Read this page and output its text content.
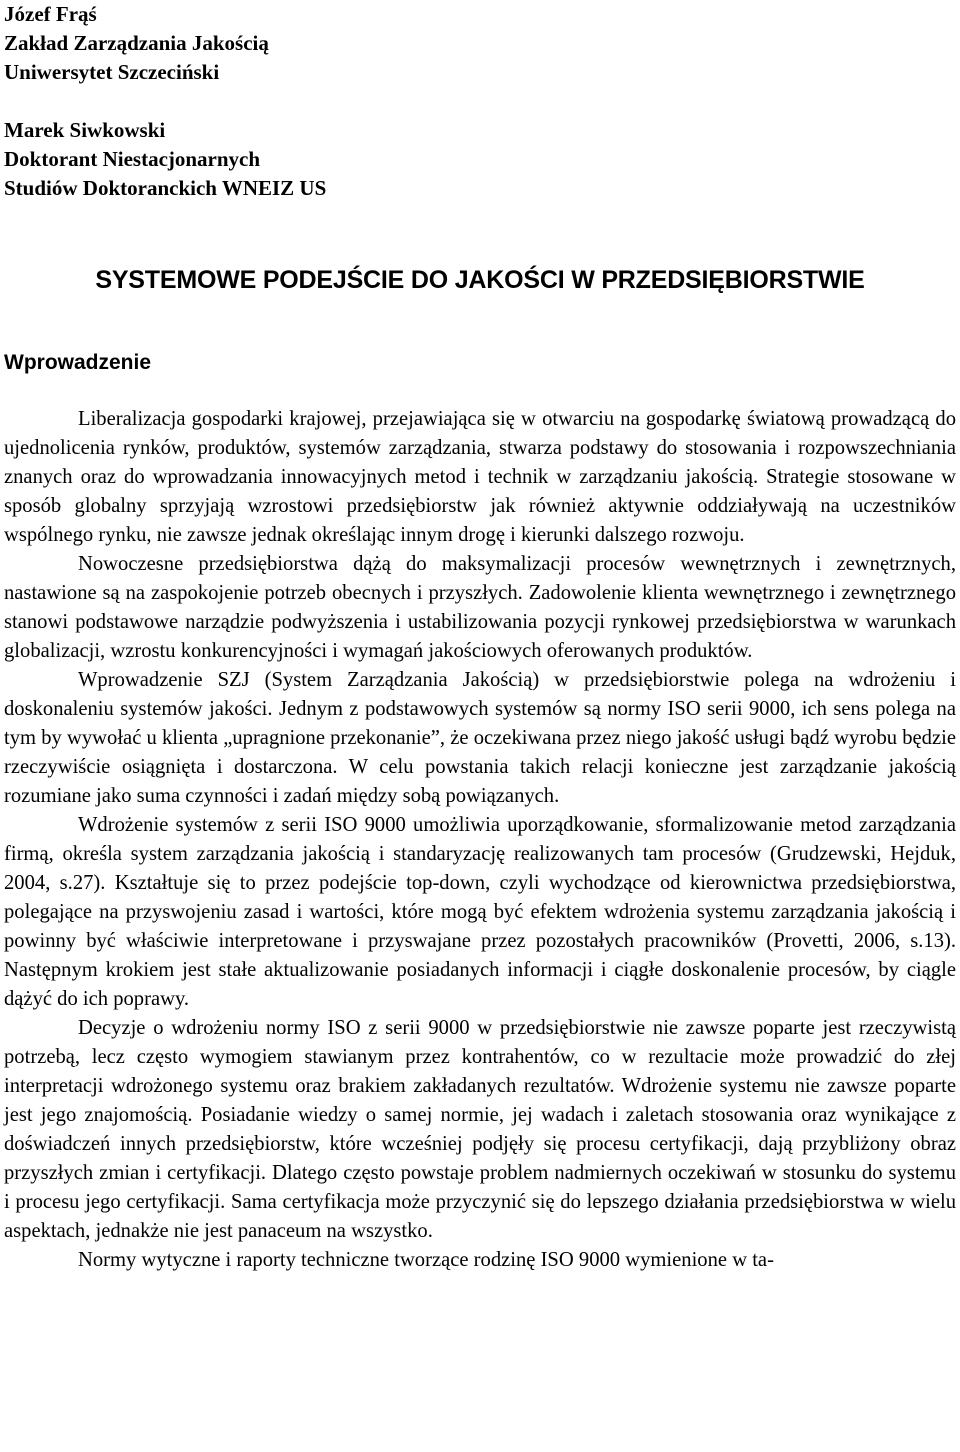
Józef Frąś
Zakład Zarządzania Jakością
Uniwersytet Szczeciński
Marek Siwkowski
Doktorant Niestacjonarnych
Studiów Doktoranckich WNEIZ US
SYSTEMOWE PODEJŚCIE DO JAKOŚCI W PRZEDSIĘBIORSTWIE
Wprowadzenie

Liberalizacja gospodarki krajowej, przejawiająca się w otwarciu na gospodarkę światową prowadzącą do ujednolicenia rynków, produktów, systemów zarządzania, stwarza podstawy do stosowania i rozpowszechniania znanych oraz do wprowadzania innowacyjnych metod i technik w zarządzaniu jakością. Strategie stosowane w sposób globalny sprzyjają wzrostowi przedsiębiorstw jak również aktywnie oddziaływają na uczestników wspólnego rynku, nie zawsze jednak określając innym drogę i kierunki dalszego rozwoju.

Nowoczesne przedsiębiorstwa dążą do maksymalizacji procesów wewnętrznych i zewnętrznych, nastawione są na zaspokojenie potrzeb obecnych i przyszłych. Zadowolenie klienta wewnętrznego i zewnętrznego stanowi podstawowe narządzie podwyższenia i ustabilizowania pozycji rynkowej przedsiębiorstwa w warunkach globalizacji, wzrostu konkurencyjności i wymagań jakościowych oferowanych produktów.

Wprowadzenie SZJ (System Zarządzania Jakością) w przedsiębiorstwie polega na wdrożeniu i doskonaleniu systemów jakości. Jednym z podstawowych systemów są normy ISO serii 9000, ich sens polega na tym by wywołać u klienta „upragnione przekonanie”, że oczekiwana przez niego jakość usługi bądź wyrobu będzie rzeczywiście osiągnięta i dostarczona. W celu powstania takich relacji konieczne jest zarządzanie jakością rozumiane jako suma czynności i zadań między sobą powiązanych.

Wdrożenie systemów z serii ISO 9000 umożliwia uporządkowanie, sformalizowanie metod zarządzania firmą, określa system zarządzania jakością i standaryzację realizowanych tam procesów (Grudzewski, Hejduk, 2004, s.27). Kształtuje się to przez podejście top-down, czyli wychodzące od kierownictwa przedsiębiorstwa, polegające na przyswojeniu zasad i wartości, które mogą być efektem wdrożenia systemu zarządzania jakością i powinny być właściwie interpretowane i przyswajane przez pozostałych pracowników (Provetti, 2006, s.13). Następnym krokiem jest stałe aktualizowanie posiadanych informacji i ciągłe doskonalenie procesów, by ciągle dążyć do ich poprawy.

Decyzje o wdrożeniu normy ISO z serii 9000 w przedsiębiorstwie nie zawsze poparte jest rzeczywistą potrzebą, lecz często wymogiem stawianym przez kontrahentów, co w rezultacie może prowadzić do złej interpretacji wdrożonego systemu oraz brakiem zakładanych rezultatów. Wdrożenie systemu nie zawsze poparte jest jego znajomością. Posiadanie wiedzy o samej normie, jej wadach i zaletach stosowania oraz wynikające z doświadczeń innych przedsiębiorstw, które wcześniej podjęły się procesu certyfikacji, dają przybliżony obraz przyszłych zmian i certyfikacji. Dlatego często powstaje problem nadmiernych oczekiwań w stosunku do systemu i procesu jego certyfikacji. Sama certyfikacja może przyczynić się do lepszego działania przedsiębiorstwa w wielu aspektach, jednakże nie jest panaceum na wszystko.

Normy wytyczne i raporty techniczne tworzące rodzinę ISO 9000 wymienione w ta-
